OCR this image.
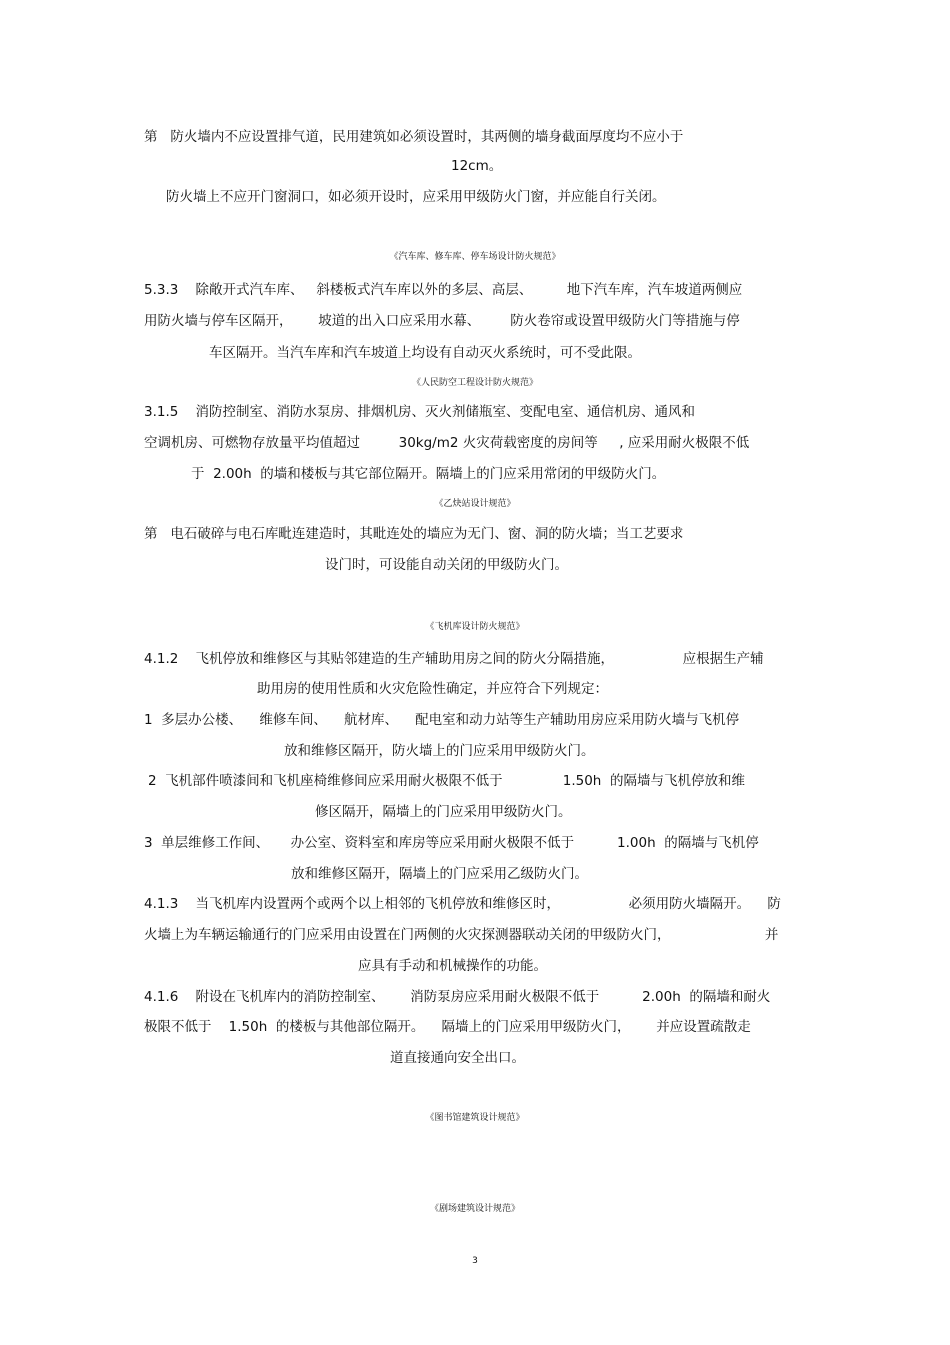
第   防火墙内不应设置排气道，民用建筑如必须设置时，其两侧的墙身截面厚度均不应小于
12cm。
防火墙上不应开门窗洞口，如必须开设时，应采用甲级防火门窗，并应能自行关闭。
《汽车库、修车库、停车场设计防火规范》
5.3.3    除敞开式汽车库、   斜楼板式汽车库以外的多层、高层、        地下汽车库，汽车坡道两侧应
用防火墙与停车区隔开，      坡道的出入口应采用水幕、       防火卷帘或设置甲级防火门等措施与停
车区隔开。当汽车库和汽车坡道上均设有自动灭火系统时，可不受此限。
《人民防空工程设计防火规范》
3.1.5    消防控制室、消防水泵房、排烟机房、灭火剂储瓶室、变配电室、通信机房、通风和
空调机房、可燃物存放量平均值超过         30kg/m2 火灾荷载密度的房间等     , 应采用耐火极限不低
于  2.00h  的墙和楼板与其它部位隔开。隔墙上的门应采用常闭的甲级防火门。
《乙炔站设计规范》
第   电石破碎与电石库毗连建造时，其毗连处的墙应为无门、窗、洞的防火墙；当工艺要求
设门时，可设能自动关闭的甲级防火门。
《飞机库设计防火规范》
4.1.2    飞机停放和维修区与其贴邻建造的生产辅助用房之间的防火分隔措施，                应根据生产辅
助用房的使用性质和火灾危险性确定，并应符合下列规定：
1  多层办公楼、    维修车间、    航材库、    配电室和动力站等生产辅助用房应采用防火墙与飞机停
放和维修区隔开，防火墙上的门应采用甲级防火门。
2  飞机部件喷漆间和飞机座椅维修间应采用耐火极限不低于              1.50h  的隔墙与飞机停放和维
修区隔开，隔墙上的门应采用甲级防火门。
3  单层维修工作间、     办公室、资料室和库房等应采用耐火极限不低于          1.00h  的隔墙与飞机停
放和维修区隔开，隔墙上的门应采用乙级防火门。
4.1.3    当飞机库内设置两个或两个以上相邻的飞机停放和维修区时，                必须用防火墙隔开。    防
火墙上为车辆运输通行的门应采用由设置在门两侧的火灾探测器联动关闭的甲级防火门，                      并
应具有手动和机械操作的功能。
4.1.6    附设在飞机库内的消防控制室、      消防泵房应采用耐火极限不低于          2.00h  的隔墙和耐火
极限不低于    1.50h  的楼板与其他部位隔开。    隔墙上的门应采用甲级防火门，      并应设置疏散走
道直接通向安全出口。
《图书馆建筑设计规范》
《剧场建筑设计规范》
3
